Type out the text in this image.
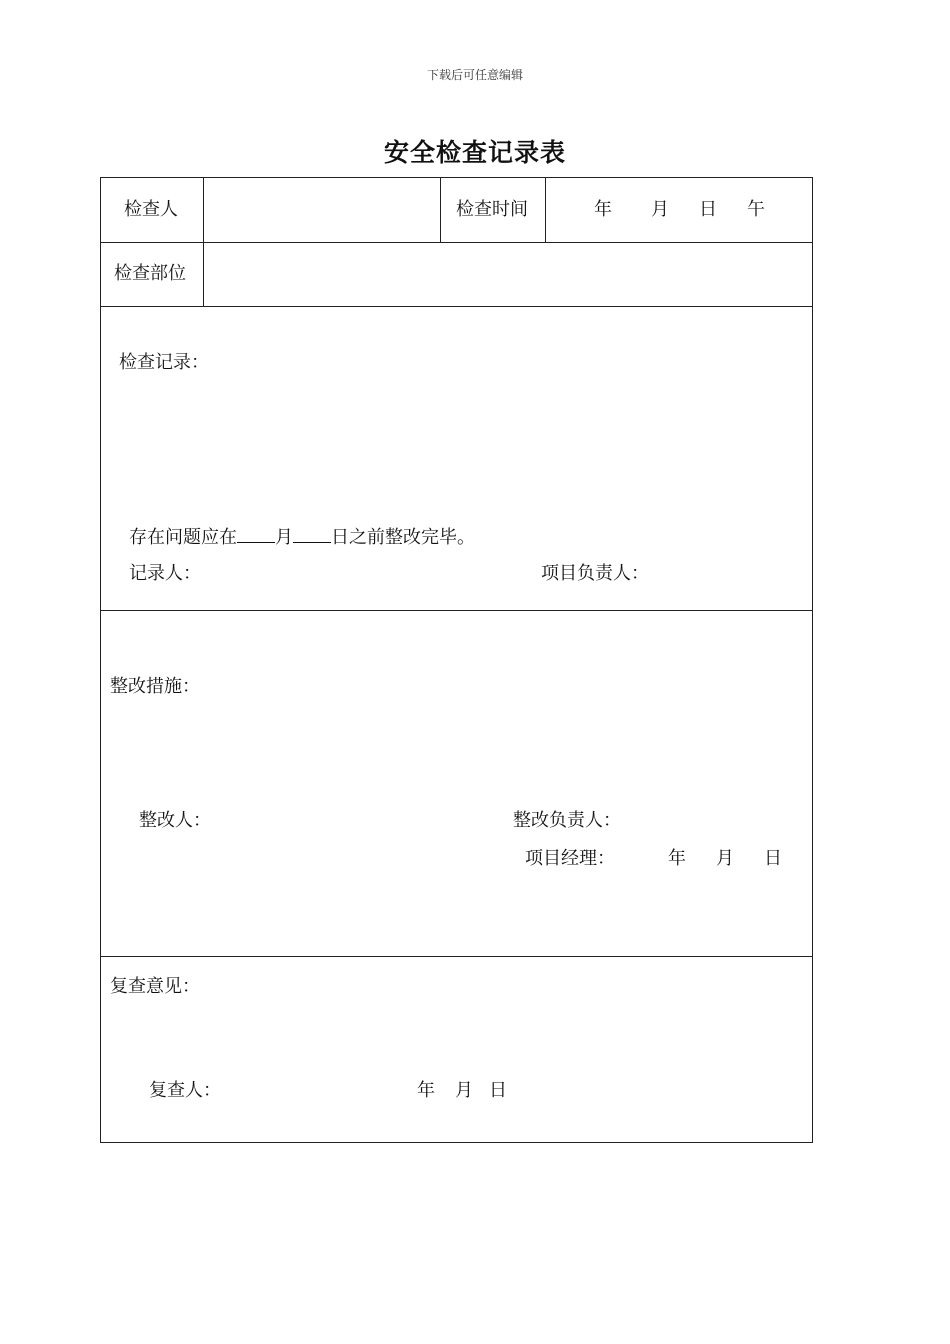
下载后可任意编辑
安全检查记录表
检查人	检查时间	年 月 日 午
检查部位
检查记录：
存在问题应在 月 日之前整改完毕。
记录人：	项目负责人：
整改措施：
整改人：	整改负责人：
项目经理：	年 月 日
复查意见：
复查人：	年 月 日
